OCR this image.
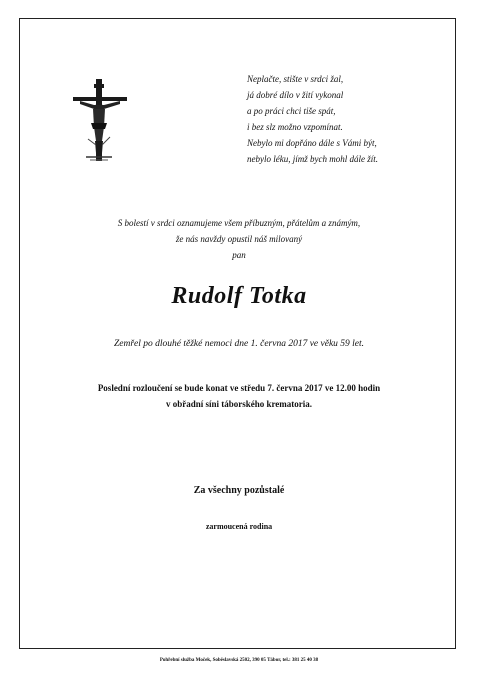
Neplačte, stište v srdci žal,
já dobré dílo v žití vykonal
a po práci chci tiše spát,
i bez slz možno vzpomínat.
Nebylo mi dopřáno dále s Vámi být,
nebylo léku, jímž bych mohl dále žít.
S bolestí v srdci oznamujeme všem příbuzným, přátelům a známým,
že nás navždy opustil náš milovaný
pan
Rudolf Totka
Zemřel po dlouhé těžké nemoci dne 1. června 2017 ve věku 59 let.
Poslední rozloučení se bude konat ve středu 7. června 2017 ve 12.00 hodin
v obřadní síni táborského krematoria.
Za všechny pozůstalé
zarmoucená rodina
Pohřební služba Moček, Soběslavská 2502, 390 05 Tábor, tel.: 381 25 40 38
